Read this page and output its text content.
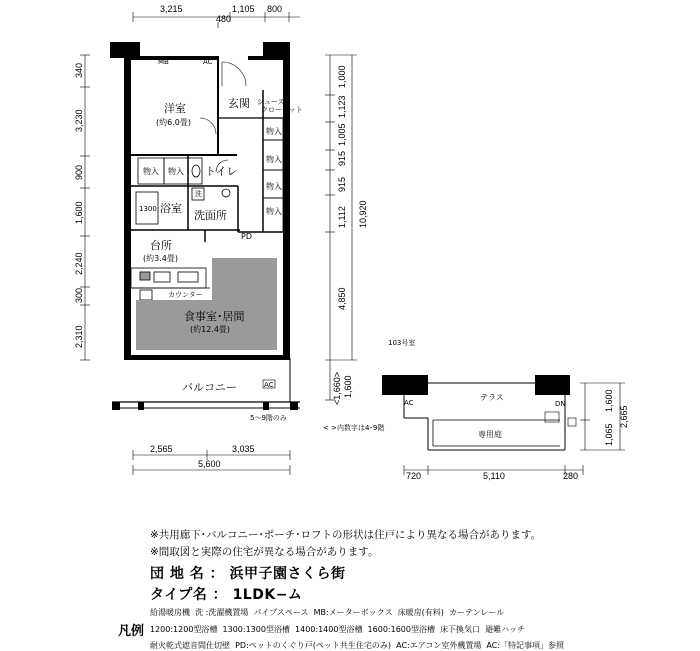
3,215	1,105 800
480
340
3,230
900
1,600
2,240
300
2,310
1,000
1,123
1,005
915
915
1,112
4,850
10,920
1,600
<1,660>
洋室
(約6.0畳)
玄関 シューズ
クローゼット
物入
物入
物入
物入
物入 物入 トイレ
1300 浴室
洗
洗面所
PD
台所
(約3.4畳)
カウンター
食事室･居間
(約12.4畳)
バルコニー
MB	AC
AC
5～9階のみ
< >内数字は4･9階
2,565	3,035
5,600
103号室
テラス
専用庭
DN
AC	1,600
2,665
1,065
720	5,110	280
※共用廊下･バルコニー･ポーチ･ロフトの形状は住戸により異なる場合があります。
※間取図と実際の住宅が異なる場合があります。
団 地 名 ： 浜甲子園さくら街
タイプ名 ： 1LDK−ム
凡例
給湯暖房機 洗 :洗濯機置場 パイプスペース MB:メーターボックス 床暖房(有料) カーテンレール
1200:1200型浴槽 1300:1300型浴槽 1400:1400型浴槽 1600:1600型浴槽 床下換気口 避難ハッチ
耐火乾式遮音間仕切壁 PD:ペットのくぐり戸(ペット共生住宅のみ) AC:エアコン室外機置場 AC:「特記事項」参照
